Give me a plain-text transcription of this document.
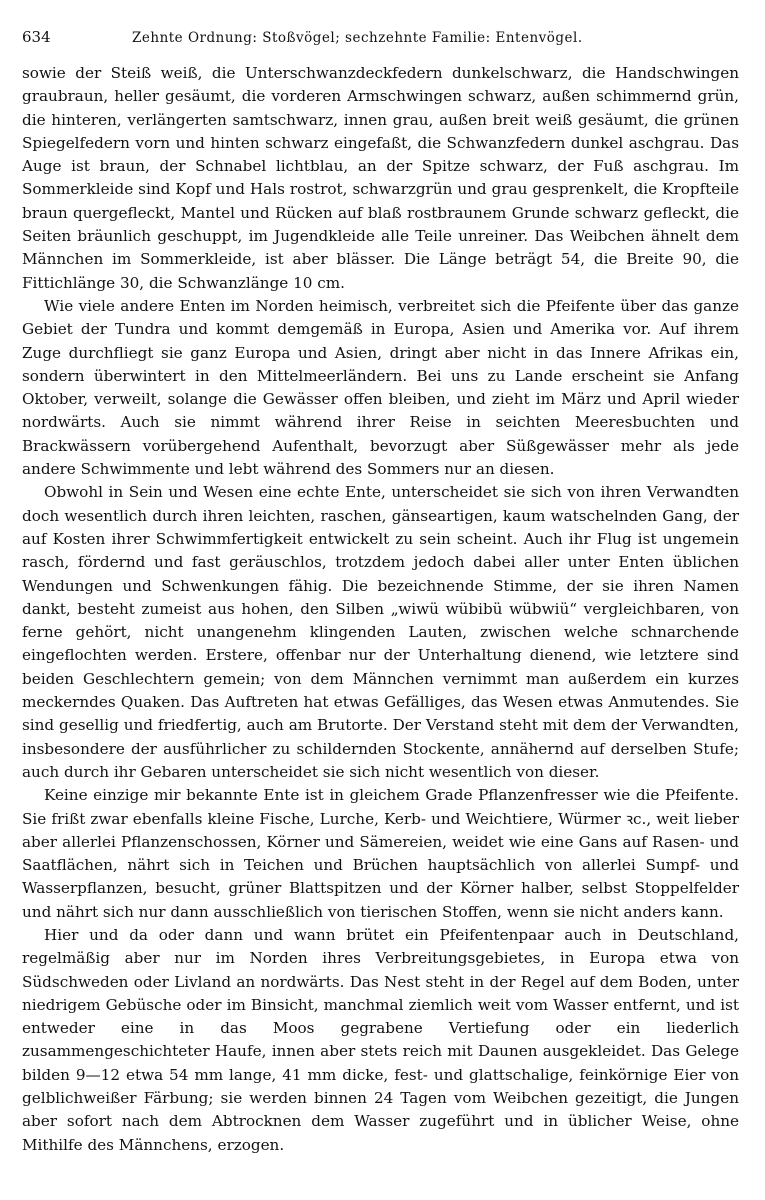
634	Zehnte Ordnung: Stoßvögel; sechzehnte Familie: Entenvögel.

sowie der Steiß weiß, die Unterschwanzdeckfedern dunkelschwarz, die Handschwingen graubraun, heller gesäumt, die vorderen Armschwingen schwarz, außen schimmernd grün, die hinteren, verlängerten samtschwarz, innen grau, außen breit weiß gesäumt, die grünen Spiegelfedern vorn und hinten schwarz eingefaßt, die Schwanzfedern dunkel aschgrau. Das Auge ist braun, der Schnabel lichtblau, an der Spitze schwarz, der Fuß aschgrau. Im Sommerkleide sind Kopf und Hals rostrot, schwarzgrün und grau gesprenkelt, die Kropfteile braun quergefleckt, Mantel und Rücken auf blaß rostbraunem Grunde schwarz gefleckt, die Seiten bräunlich geschuppt, im Jugendkleide alle Teile unreiner. Das Weibchen ähnelt dem Männchen im Sommerkleide, ist aber blässer. Die Länge beträgt 54, die Breite 90, die Fittichlänge 30, die Schwanzlänge 10 cm.

Wie viele andere Enten im Norden heimisch, verbreitet sich die Pfeifente über das ganze Gebiet der Tundra und kommt demgemäß in Europa, Asien und Amerika vor. Auf ihrem Zuge durchfliegt sie ganz Europa und Asien, dringt aber nicht in das Innere Afrikas ein, sondern überwintert in den Mittelmeerländern. Bei uns zu Lande erscheint sie Anfang Oktober, verweilt, solange die Gewässer offen bleiben, und zieht im März und April wieder nordwärts. Auch sie nimmt während ihrer Reise in seichten Meeresbuchten und Brackwässern vorübergehend Aufenthalt, bevorzugt aber Süßgewässer mehr als jede andere Schwimmente und lebt während des Sommers nur an diesen.

Obwohl in Sein und Wesen eine echte Ente, unterscheidet sie sich von ihren Verwandten doch wesentlich durch ihren leichten, raschen, gänseartigen, kaum watschelnden Gang, der auf Kosten ihrer Schwimmfertigkeit entwickelt zu sein scheint. Auch ihr Flug ist ungemein rasch, fördernd und fast geräuschlos, trotzdem jedoch dabei aller unter Enten üblichen Wendungen und Schwenkungen fähig. Die bezeichnende Stimme, der sie ihren Namen dankt, besteht zumeist aus hohen, den Silben „wiwü wübibü wübwiü“ vergleichbaren, von ferne gehört, nicht unangenehm klingenden Lauten, zwischen welche schnarchende eingeflochten werden. Erstere, offenbar nur der Unterhaltung dienend, wie letztere sind beiden Geschlechtern gemein; von dem Männchen vernimmt man außerdem ein kurzes meckerndes Quaken. Das Auftreten hat etwas Gefälliges, das Wesen etwas Anmutendes. Sie sind gesellig und friedfertig, auch am Brutorte. Der Verstand steht mit dem der Verwandten, insbesondere der ausführlicher zu schildernden Stockente, annähernd auf derselben Stufe; auch durch ihr Gebaren unterscheidet sie sich nicht wesentlich von dieser.

Keine einzige mir bekannte Ente ist in gleichem Grade Pflanzenfresser wie die Pfeifente. Sie frißt zwar ebenfalls kleine Fische, Lurche, Kerb- und Weichtiere, Würmer ꝛc., weit lieber aber allerlei Pflanzenschossen, Körner und Sämereien, weidet wie eine Gans auf Rasen- und Saatflächen, nährt sich in Teichen und Brüchen hauptsächlich von allerlei Sumpf- und Wasserpflanzen, besucht, grüner Blattspitzen und der Körner halber, selbst Stoppelfelder und nährt sich nur dann ausschließlich von tierischen Stoffen, wenn sie nicht anders kann.

Hier und da oder dann und wann brütet ein Pfeifentenpaar auch in Deutschland, regelmäßig aber nur im Norden ihres Verbreitungsgebietes, in Europa etwa von Südschweden oder Livland an nordwärts. Das Nest steht in der Regel auf dem Boden, unter niedrigem Gebüsche oder im Binsicht, manchmal ziemlich weit vom Wasser entfernt, und ist entweder eine in das Moos gegrabene Vertiefung oder ein liederlich zusammengeschichteter Haufe, innen aber stets reich mit Daunen ausgekleidet. Das Gelege bilden 9—12 etwa 54 mm lange, 41 mm dicke, fest- und glattschalige, feinkörnige Eier von gelblichweißer Färbung; sie werden binnen 24 Tagen vom Weibchen gezeitigt, die Jungen aber sofort nach dem Abtrocknen dem Wasser zugeführt und in üblicher Weise, ohne Mithilfe des Männchens, erzogen.
